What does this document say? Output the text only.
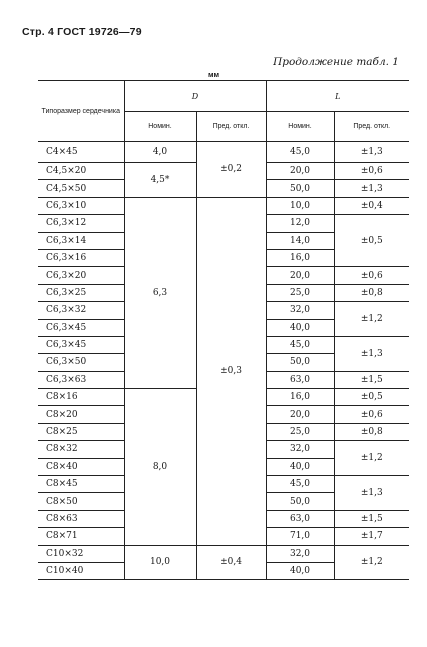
Стр. 4 ГОСТ 19726—79
Продолжение табл. 1
мм
Типоразмер сердечника	D		L	
	Номин.	Пред. откл.	Номин.	Пред. откл.
С4×45	4,0	±0,2	45,0	±1,3
С4,5×20	4,5*		20,0	±0,6
С4,5×50			50,0	±1,3
С6,3×10	6,3	±0,3	10,0	±0,4
С6,3×12			12,0	±0,5
С6,3×14			14,0	
С6,3×16			16,0	
С6,3×20			20,0	±0,6
С6,3×25			25,0	±0,8
С6,3×32			32,0	±1,2
С6,3×45			40,0	
С6,3×45			45,0	±1,3
С6,3×50			50,0	
С6,3×63			63,0	±1,5
С8×16	8,0		16,0	±0,5
С8×20			20,0	±0,6
С8×25			25,0	±0,8
С8×32			32,0	±1,2
С8×40			40,0	
С8×45			45,0	±1,3
С8×50			50,0	
С8×63			63,0	±1,5
С8×71			71,0	±1,7
С10×32	10,0	±0,4	32,0	±1,2
С10×40			40,0	
